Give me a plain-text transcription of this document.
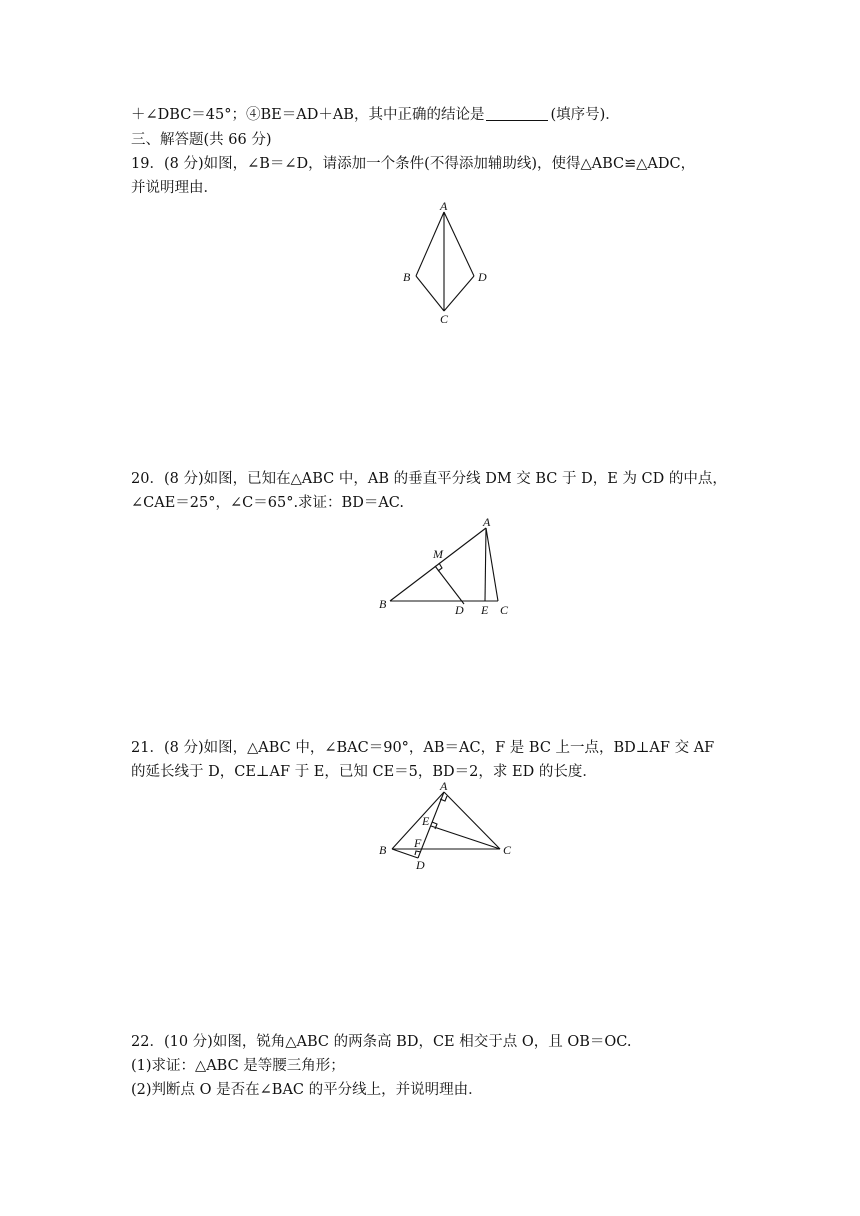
＋∠DBC＝45°；④BE＝AD＋AB，其中正确的结论是	(填序号)．
三、解答题(共 66 分)
19．(8 分)如图，∠B＝∠D，请添加一个条件(不得添加辅助线)，使得△ABC≌△ADC，
并说明理由．
A
B	D
C
20．(8 分)如图，已知在△ABC 中，AB 的垂直平分线 DM 交 BC 于 D，E 为 CD 的中点，
∠CAE＝25°，∠C＝65°.求证：BD＝AC.
A
M
B	D E C
21．(8 分)如图，△ABC 中，∠BAC＝90°，AB＝AC，F 是 BC 上一点，BD⊥AF 交 AF
的延长线于 D，CE⊥AF 于 E，已知 CE＝5，BD＝2，求 ED 的长度．
A
E
B F
D
C
22．(10 分)如图，锐角△ABC 的两条高 BD，CE 相交于点 O，且 OB＝OC.
(1)求证：△ABC 是等腰三角形；
(2)判断点 O 是否在∠BAC 的平分线上，并说明理由．
